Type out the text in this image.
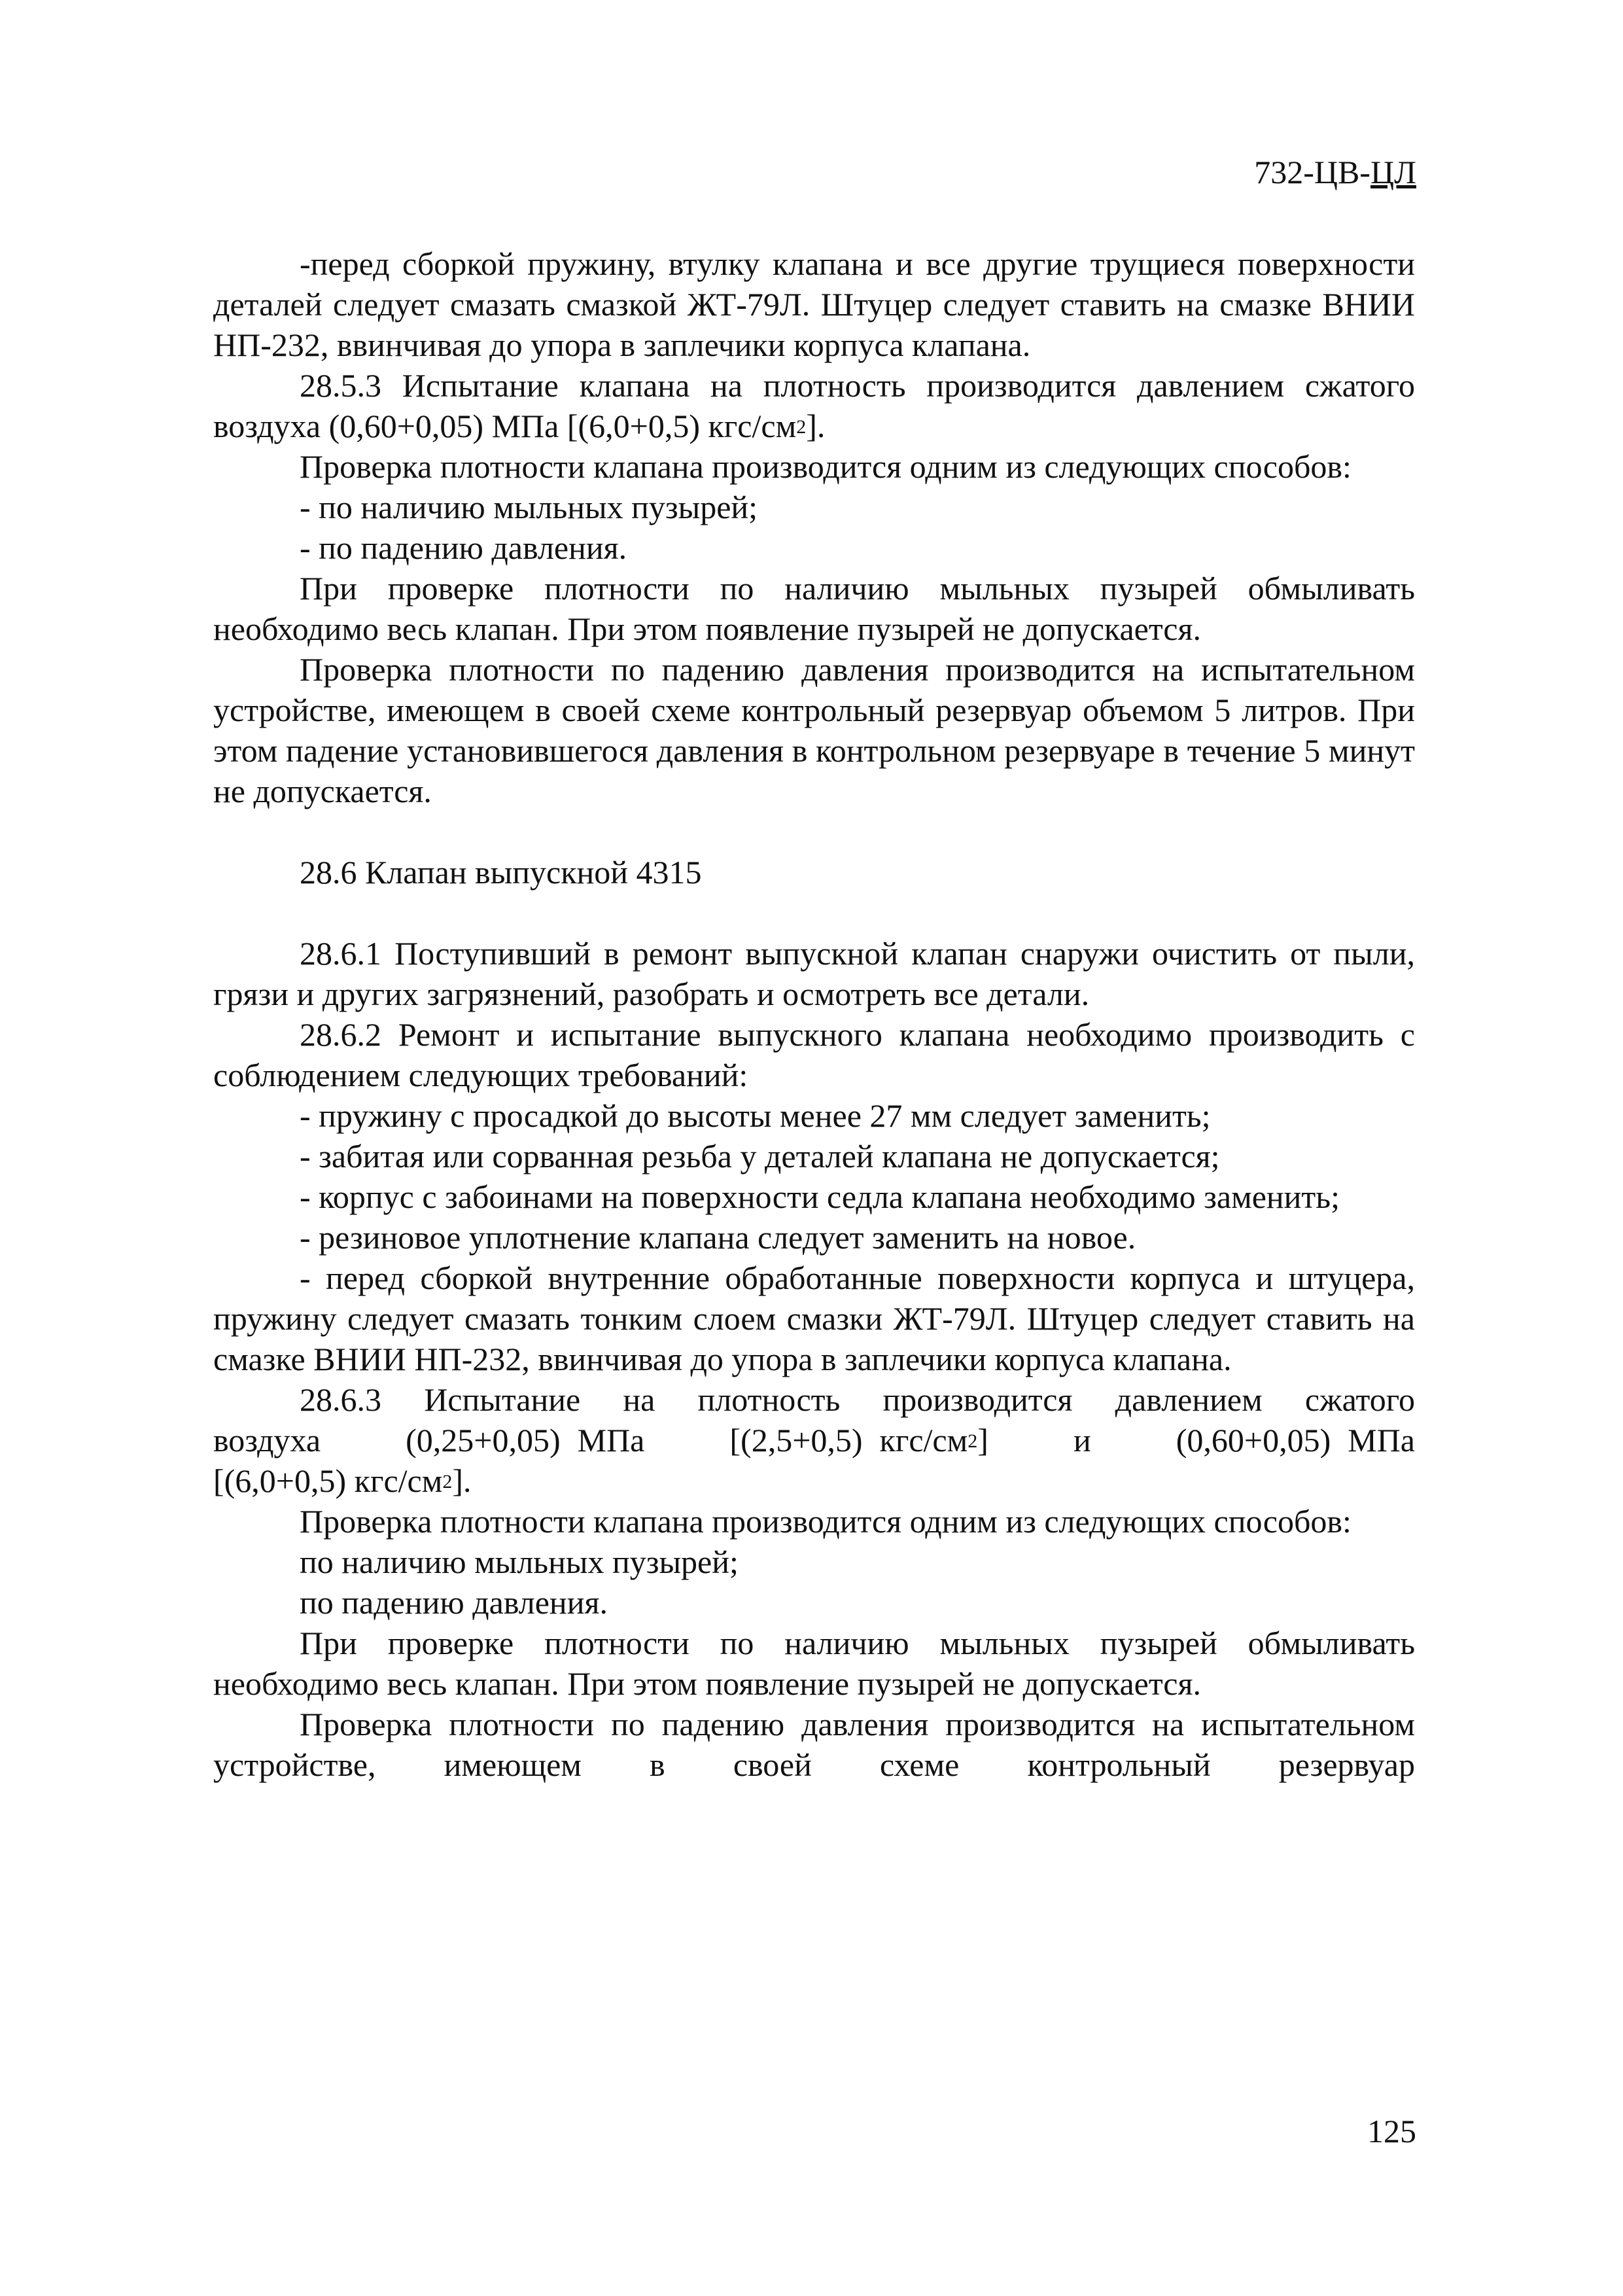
732-ЦВ-ЦЛ

-перед сборкой пружину, втулку клапана и все другие трущиеся поверхности деталей следует смазать смазкой ЖТ-79Л. Штуцер следует ставить на смазке ВНИИ НП-232, ввинчивая до упора в заплечики корпуса клапана.

28.5.3 Испытание клапана на плотность производится давлением сжатого воздуха (0,60+0,05) МПа [(6,0+0,5) кгс/$см^2$].

Проверка плотности клапана производится одним из следующих способов:

- по наличию мыльных пузырей;

- по падению давления.

При проверке плотности по наличию мыльных пузырей обмыливать необходимо весь клапан. При этом появление пузырей не допускается.

Проверка плотности по падению давления производится на испытательном устройстве, имеющем в своей схеме контрольный резервуар объемом 5 литров. При этом падение установившегося давления в контрольном резервуаре в течение 5 минут не допускается.

28.6 Клапан выпускной 4315

28.6.1 Поступивший в ремонт выпускной клапан снаружи очистить от пыли, грязи и других загрязнений, разобрать и осмотреть все детали.

28.6.2 Ремонт и испытание выпускного клапана необходимо производить с соблюдением следующих требований:

- пружину с просадкой до высоты менее 27 мм следует заменить;

- забитая или сорванная резьба у деталей клапана не допускается;

- корпус с забоинами на поверхности седла клапана необходимо заменить;

- резиновое уплотнение клапана следует заменить на новое.

- перед сборкой внутренние обработанные поверхности корпуса и штуцера, пружину следует смазать тонким слоем смазки ЖТ-79Л. Штуцер следует ставить на смазке ВНИИ НП-232, ввинчивая до упора в заплечики корпуса клапана.

28.6.3 Испытание на плотность производится давлением сжатого

воздуха     (0,25+0,05) МПа     [(2,5+0,5) кгс/$см^2$]     и     (0,60+0,05) МПа

[(6,0+0,5) кгс/$см^2$].

Проверка плотности клапана производится одним из следующих способов:

по наличию мыльных пузырей;

по падению давления.

При проверке плотности по наличию мыльных пузырей обмыливать необходимо весь клапан. При этом появление пузырей не допускается.

Проверка плотности по падению давления производится на испытательном устройстве, имеющем в своей схеме контрольный резервуар

125
